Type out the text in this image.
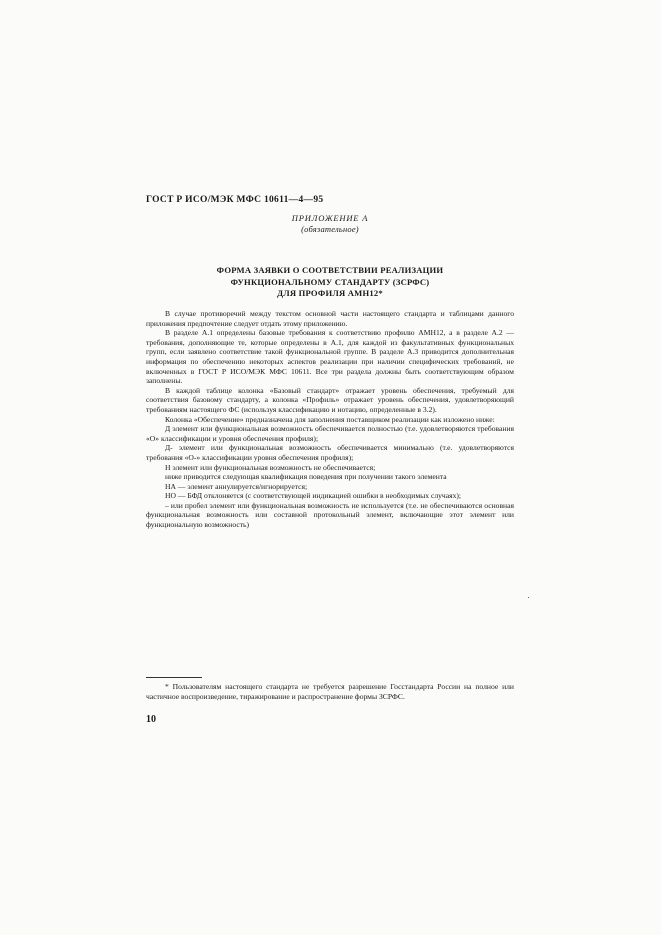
ГОСТ Р ИСО/МЭК МФС 10611—4—95
ПРИЛОЖЕНИЕ А
(обязательное)
ФОРМА ЗАЯВКИ О СООТВЕТСТВИИ РЕАЛИЗАЦИИ
ФУНКЦИОНАЛЬНОМУ СТАНДАРТУ (ЗСРФС)
ДЛЯ ПРОФИЛЯ АМН12*

В случае противоречий между текстом основной части настоящего стандарта и таблицами данного приложения предпочтение следует отдать этому приложению.

В разделе А.1 определены базовые требования к соответствию профилю АМН12, а в разделе А.2 — требования, дополняющие те, которые определены в А.1, для каждой из факультативных функциональных групп, если заявлено соответствие такой функциональной группе. В разделе А.3 приводится дополнительная информация по обеспечению некоторых аспектов реализации при наличии специфических требований, не включенных в ГОСТ Р ИСО/МЭК МФС 10611. Все три раздела должны быть соответствующим образом заполнены.

В каждой таблице колонка «Базовый стандарт» отражает уровень обеспечения, требуемый для соответствия базовому стандарту, а колонка «Профиль» отражает уровень обеспечения, удовлетворяющий требованиям настоящего ФС (используя классификацию и нотацию, определенные в 3.2).

Колонка «Обеспечение» предназначена для заполнения поставщиком реализации как изложено ниже:

Д элемент или функциональная возможность обеспечивается полностью (т.е. удовлетворяются требования «О» классификации и уровня обеспечения профиля);

Д- элемент или функциональная возможность обеспечивается минимально (т.е. удовлетворяются требования «О-» классификации уровня обеспечения профиля);

Н элемент или функциональная возможность не обеспечивается;

ниже приводится следующая квалификация поведения при получении такого элемента

НА — элемент аннулируется/игнорируется;

НО — БФД отклоняется (с соответствующей индикацией ошибки в необходимых случаях);

– или пробел элемент или функциональная возможность не используется (т.е. не обеспечиваются основная функциональная возможность или составной протокольный элемент, включающие этот элемент или функциональную возможность)

* Пользователям настоящего стандарта не требуется разрешение Госстандарта России на полное или частичное воспроизведение, тиражирование и распространение формы ЗСРФС.

10
